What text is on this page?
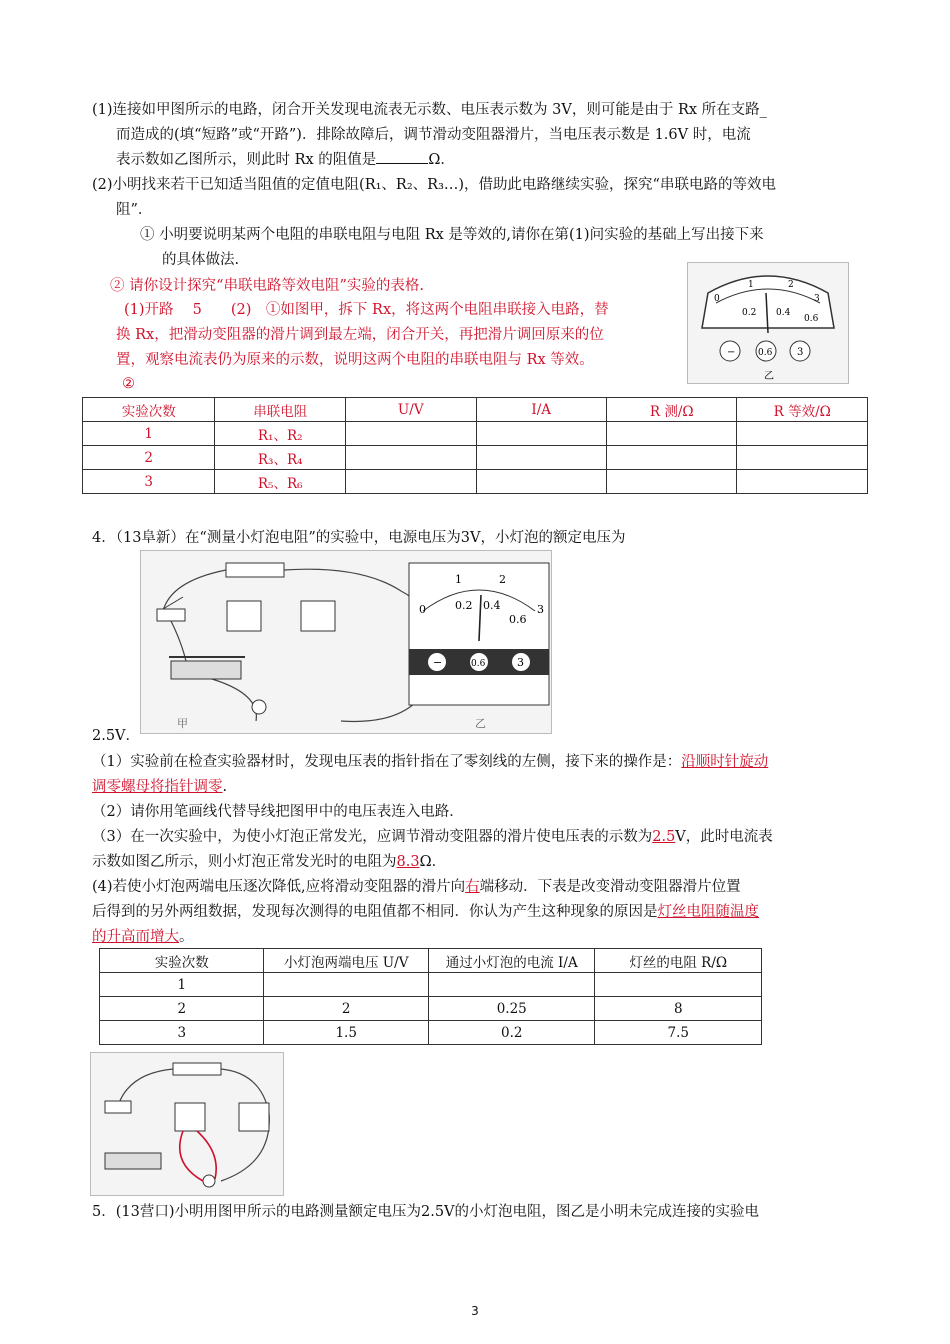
(1)连接如甲图所示的电路，闭合开关发现电流表无示数、电压表示数为 3V，则可能是由于 Rx 所在支路_
而造成的(填“短路”或“开路”)．排除故障后，调节滑动变阻器滑片，当电压表示数是 1.6V 时，电流
表示数如乙图所示，则此时 Rx 的阻值是	Ω．
(2)小明找来若干已知适当阻值的定值电阻(R₁、R₂、R₃…)，借助此电路继续实验，探究“串联电路的等效电
阻”．
① 小明要说明某两个电阻的串联电阻与电阻 Rx 是等效的,请你在第(1)问实验的基础上写出接下来
的具体做法.
② 请你设计探究“串联电路等效电阻”实验的表格.
(1)开路　 5　　(2)　①如图甲，拆下 Rx，将这两个电阻串联接入电路，替
换 Rx，把滑动变阻器的滑片调到最左端，闭合开关，再把滑片调回原来的位
置，观察电流表仍为原来的示数，说明这两个电阻的串联电阻与 Rx 等效。
②
0
1	2
3
0.2 0.4
0.6
−	0.6 3
乙
实验次数	串联电阻	U/V	I/A	R 测/Ω	R 等效/Ω
1	R₁、R₂				
2	R₃、R₄				
3	R₅、R₆				
4．（13阜新）在“测量小灯泡电阻”的实验中，电源电压为3V，小灯泡的额定电压为
0
1	2
3
0.2 0.4
0.6
−	0.6	3
甲	乙
2.5V．
（1）实验前在检查实验器材时，发现电压表的指针指在了零刻线的左侧，接下来的操作是：沿顺时针旋动
调零螺母将指针调零.
（2）请你用笔画线代替导线把图甲中的电压表连入电路．
（3）在一次实验中，为使小灯泡正常发光，应调节滑动变阻器的滑片使电压表的示数为2.5V，此时电流表
示数如图乙所示，则小灯泡正常发光时的电阻为8.3Ω．
(4)若使小灯泡两端电压逐次降低,应将滑动变阻器的滑片向右端移动．下表是改变滑动变阻器滑片位置
后得到的另外两组数据，发现每次测得的电阻值都不相同．你认为产生这种现象的原因是灯丝电阻随温度
的升高而增大。
实验次数	小灯泡两端电压 U/V	通过小灯泡的电流 I/A	灯丝的电阻 R/Ω
1			
2	2	0.25	8
3	1.5	0.2	7.5
5．(13营口)小明用图甲所示的电路测量额定电压为2.5V的小灯泡电阻，图乙是小明未完成连接的实验电
3
